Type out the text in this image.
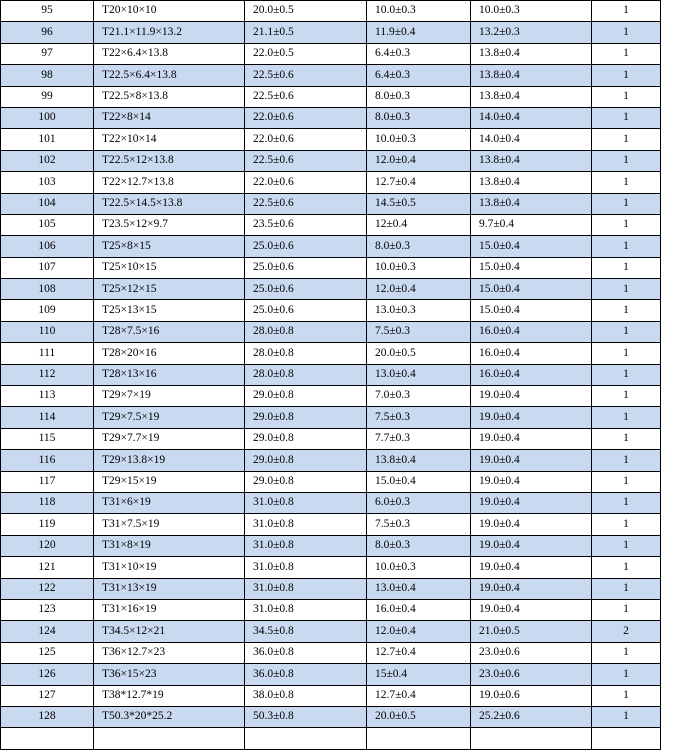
95	T20×10×10	20.0±0.5	10.0±0.3	10.0±0.3	1
96	T21.1×11.9×13.2	21.1±0.5	11.9±0.4	13.2±0.3	1
97	T22×6.4×13.8	22.0±0.5	6.4±0.3	13.8±0.4	1
98	T22.5×6.4×13.8	22.5±0.6	6.4±0.3	13.8±0.4	1
99	T22.5×8×13.8	22.5±0.6	8.0±0.3	13.8±0.4	1
100	T22×8×14	22.0±0.6	8.0±0.3	14.0±0.4	1
101	T22×10×14	22.0±0.6	10.0±0.3	14.0±0.4	1
102	T22.5×12×13.8	22.5±0.6	12.0±0.4	13.8±0.4	1
103	T22×12.7×13.8	22.0±0.6	12.7±0.4	13.8±0.4	1
104	T22.5×14.5×13.8	22.5±0.6	14.5±0.5	13.8±0.4	1
105	T23.5×12×9.7	23.5±0.6	12±0.4	9.7±0.4	1
106	T25×8×15	25.0±0.6	8.0±0.3	15.0±0.4	1
107	T25×10×15	25.0±0.6	10.0±0.3	15.0±0.4	1
108	T25×12×15	25.0±0.6	12.0±0.4	15.0±0.4	1
109	T25×13×15	25.0±0.6	13.0±0.3	15.0±0.4	1
110	T28×7.5×16	28.0±0.8	7.5±0.3	16.0±0.4	1
111	T28×20×16	28.0±0.8	20.0±0.5	16.0±0.4	1
112	T28×13×16	28.0±0.8	13.0±0.4	16.0±0.4	1
113	T29×7×19	29.0±0.8	7.0±0.3	19.0±0.4	1
114	T29×7.5×19	29.0±0.8	7.5±0.3	19.0±0.4	1
115	T29×7.7×19	29.0±0.8	7.7±0.3	19.0±0.4	1
116	T29×13.8×19	29.0±0.8	13.8±0.4	19.0±0.4	1
117	T29×15×19	29.0±0.8	15.0±0.4	19.0±0.4	1
118	T31×6×19	31.0±0.8	6.0±0.3	19.0±0.4	1
119	T31×7.5×19	31.0±0.8	7.5±0.3	19.0±0.4	1
120	T31×8×19	31.0±0.8	8.0±0.3	19.0±0.4	1
121	T31×10×19	31.0±0.8	10.0±0.3	19.0±0.4	1
122	T31×13×19	31.0±0.8	13.0±0.4	19.0±0.4	1
123	T31×16×19	31.0±0.8	16.0±0.4	19.0±0.4	1
124	T34.5×12×21	34.5±0.8	12.0±0.4	21.0±0.5	2
125	T36×12.7×23	36.0±0.8	12.7±0.4	23.0±0.6	1
126	T36×15×23	36.0±0.8	15±0.4	23.0±0.6	1
127	T38*12.7*19	38.0±0.8	12.7±0.4	19.0±0.6	1
128	T50.3*20*25.2	50.3±0.8	20.0±0.5	25.2±0.6	1
